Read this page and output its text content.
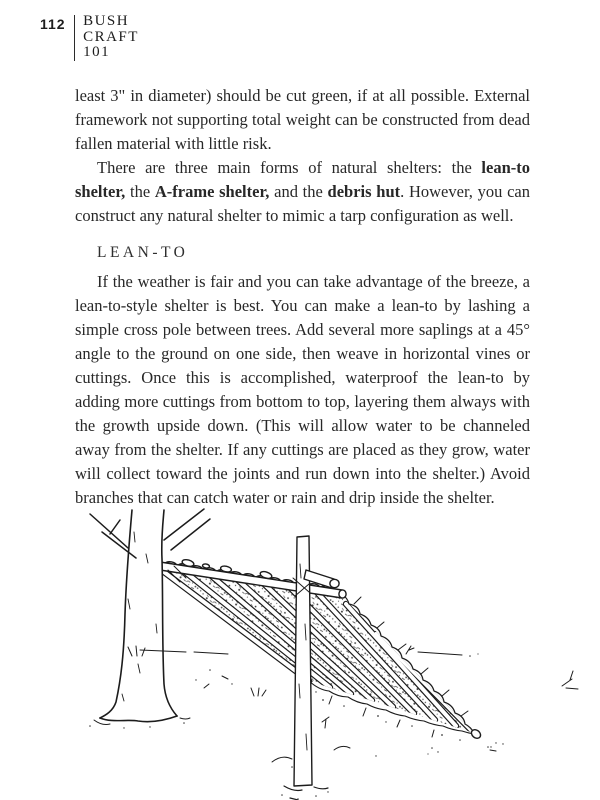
112 BUSH
CRAFT
101

least 3" in diameter) should be cut green, if at all possible. External framework not supporting total weight can be constructed from dead fallen material with little risk.

There are three main forms of natural shelters: the lean-to shelter, the A-frame shelter, and the debris hut. However, you can construct any natural shelter to mimic a tarp configuration as well.

LEAN-TO

If the weather is fair and you can take advantage of the breeze, a lean-to-style shelter is best. You can make a lean-to by lashing a simple cross pole between trees. Add several more saplings at a 45° angle to the ground on one side, then weave in horizontal vines or cuttings. Once this is accomplished, waterproof the lean-to by adding more cuttings from bottom to top, layering them always with the growth upside down. (This will allow water to be channeled away from the shelter. If any cuttings are placed as they grow, water will collect toward the joints and run down into the shelter.) Avoid branches that can catch water or rain and drip inside the shelter.
